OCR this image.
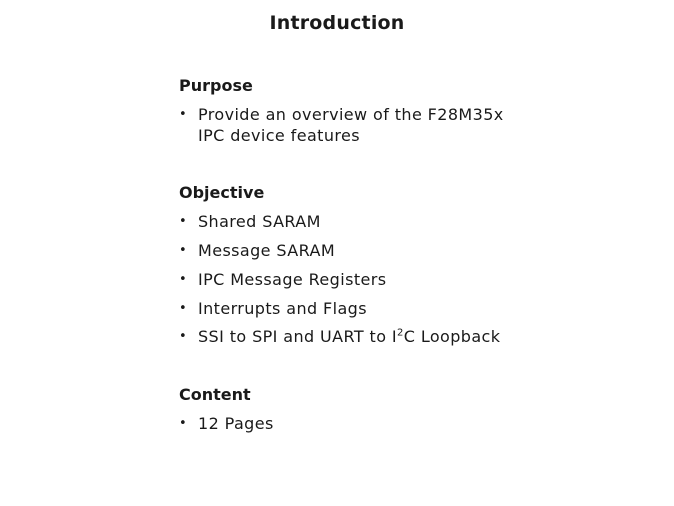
Introduction
Purpose
• Provide an overview of the F28M35x
IPC device features
Objective
• Shared SARAM
• Message SARAM
• IPC Message Registers
• Interrupts and Flags
• SSI to SPI and UART to $I^2C$ Loopback
Content
• 12 Pages
